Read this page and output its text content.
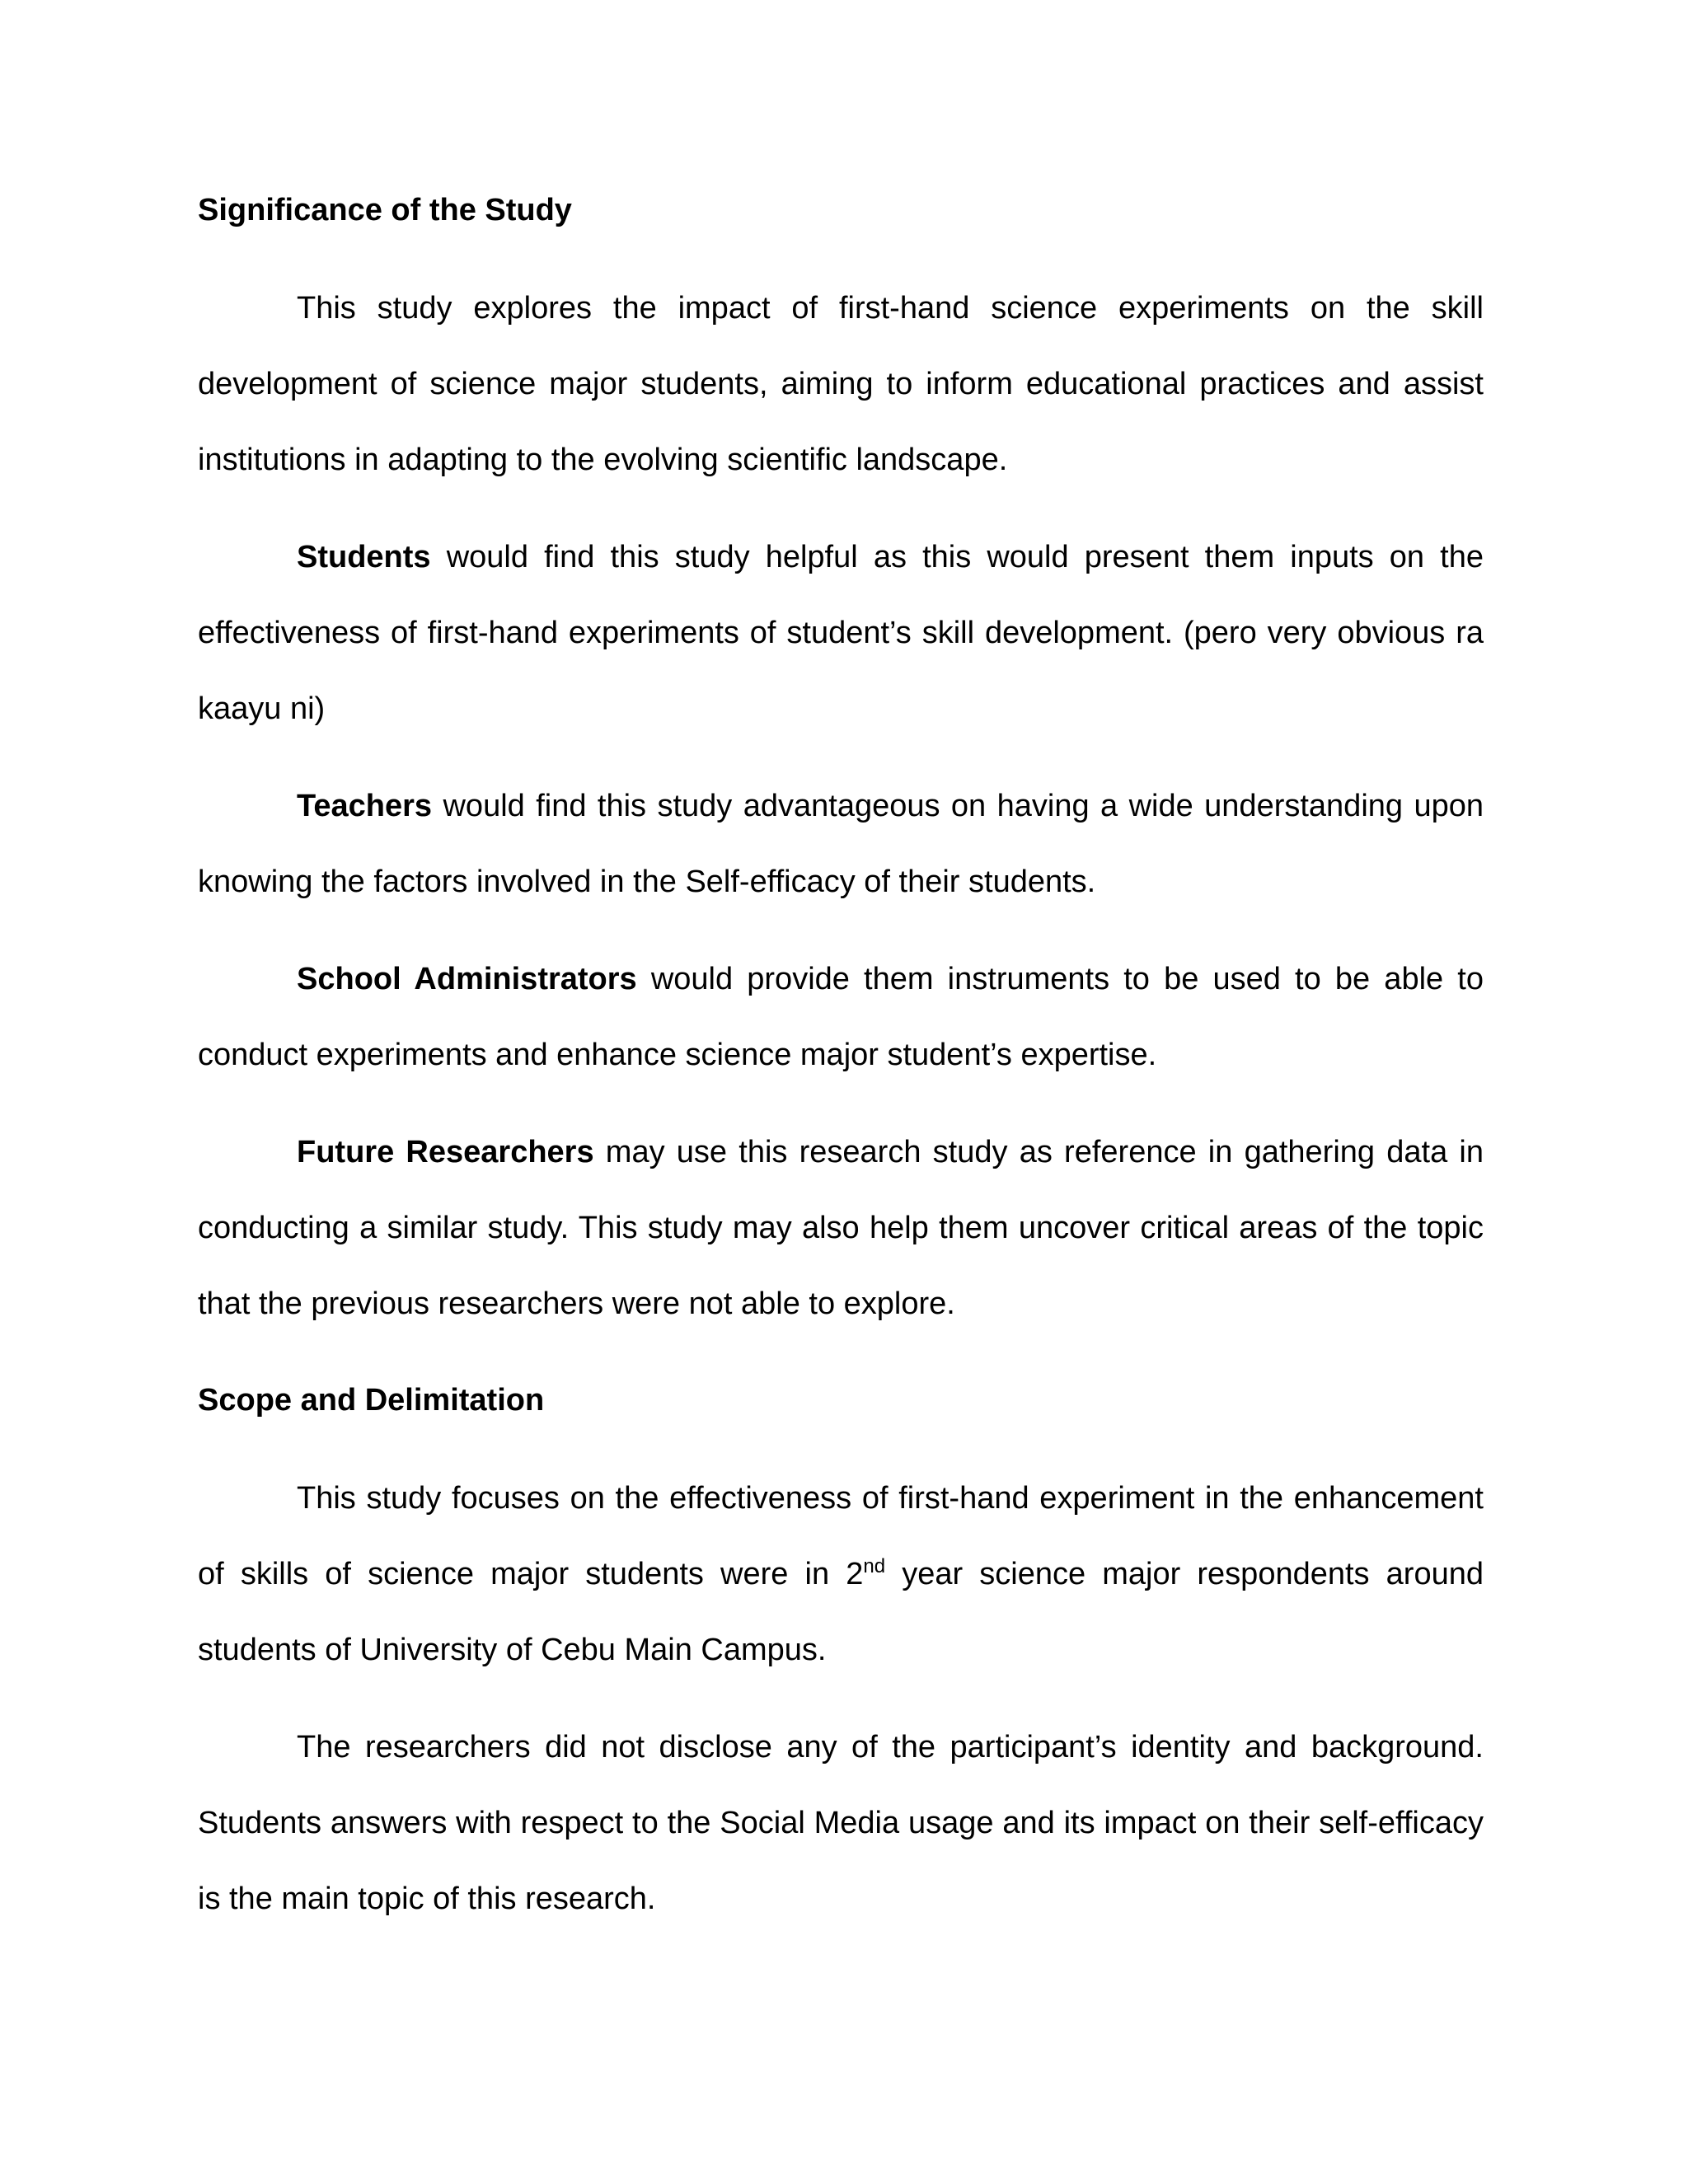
Significance of the Study

This study explores the impact of first-hand science experiments on the skill development of science major students, aiming to inform educational practices and assist institutions in adapting to the evolving scientific landscape.

Students would find this study helpful as this would present them inputs on the effectiveness of first-hand experiments of student’s skill development. (pero very obvious ra kaayu ni)

Teachers would find this study advantageous on having a wide understanding upon knowing the factors involved in the Self-efficacy of their students.

School Administrators would provide them instruments to be used to be able to conduct experiments and enhance science major student’s expertise.

Future Researchers may use this research study as reference in gathering data in conducting a similar study. This study may also help them uncover critical areas of the topic that the previous researchers were not able to explore.

Scope and Delimitation

This study focuses on the effectiveness of first-hand experiment in the enhancement of skills of science major students were in 2nd year science major respondents around students of University of Cebu Main Campus.

The researchers did not disclose any of the participant’s identity and background. Students answers with respect to the Social Media usage and its impact on their self-efficacy is the main topic of this research.
